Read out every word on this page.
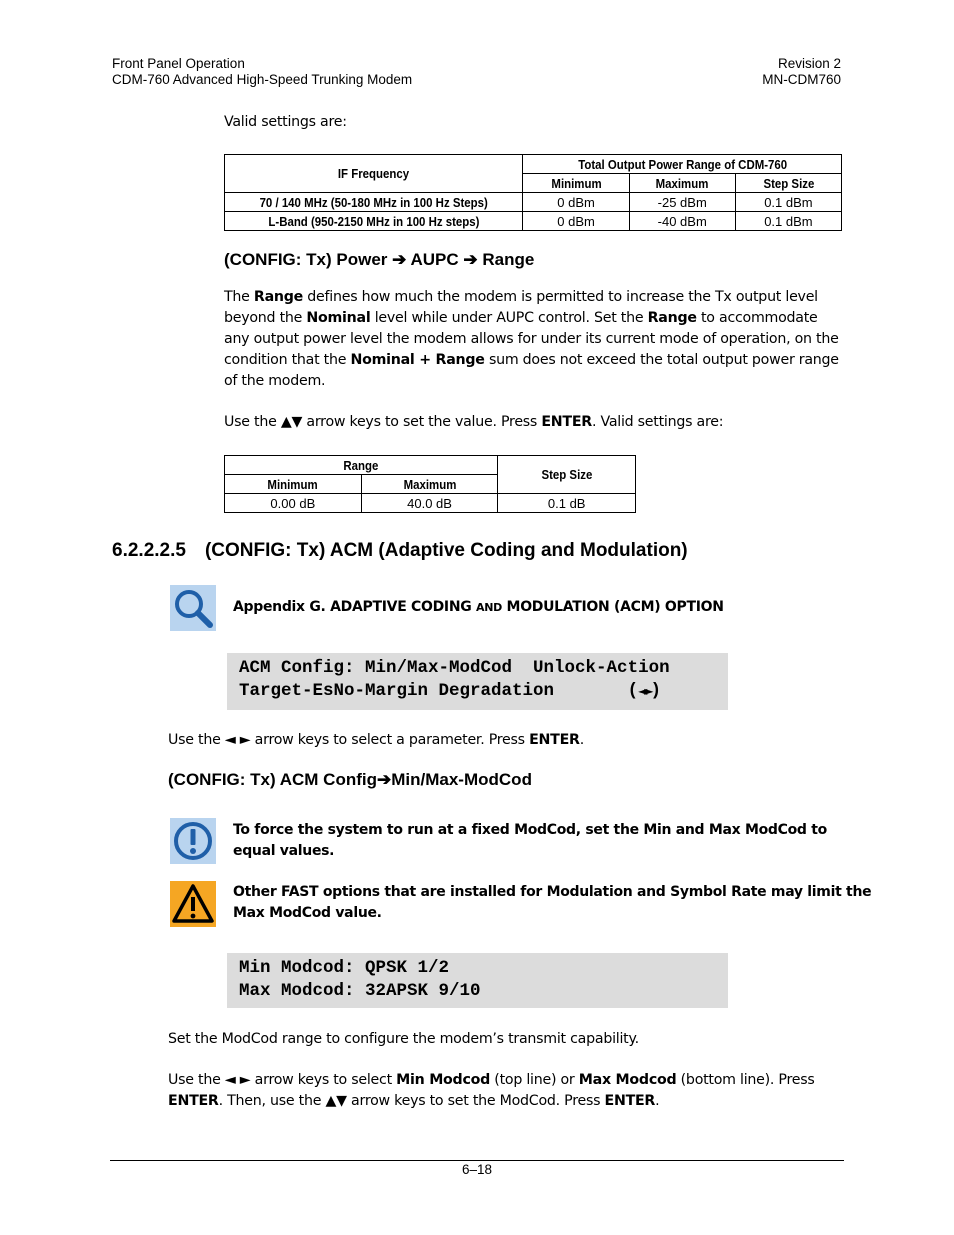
Front Panel Operation
CDM-760 Advanced High-Speed Trunking Modem
Revision 2
MN-CDM760
Valid settings are:
IF Frequency	Total Output Power Range of CDM-760		
	Minimum	Maximum	Step Size
70 / 140 MHz (50-180 MHz in 100 Hz Steps)	0 dBm	-25 dBm	0.1 dBm
L-Band (950-2150 MHz in 100 Hz steps)	0 dBm	-40 dBm	0.1 dBm
(CONFIG: Tx) Power ➔ AUPC ➔ Range
The Range defines how much the modem is permitted to increase the Tx output level beyond the Nominal level while under AUPC control. Set the Range to accommodate any output power level the modem allows for under its current mode of operation, on the condition that the Nominal + Range sum does not exceed the total output power range of the modem.
Use the ▲▼ arrow keys to set the value. Press ENTER. Valid settings are:
Range		Step Size
Minimum	Maximum	
0.00 dB	40.0 dB	0.1 dB
6.2.2.2.5 (CONFIG: Tx) ACM (Adaptive Coding and Modulation)
Appendix G. ADAPTIVE CODING AND MODULATION (ACM) OPTION
ACM Config: Min/Max-ModCod  Unlock-Action
Target-EsNo-Margin Degradation       (◄►)
Use the ◄ ► arrow keys to select a parameter. Press ENTER.
(CONFIG: Tx) ACM Config➔Min/Max-ModCod
To force the system to run at a fixed ModCod, set the Min and Max ModCod to
equal values.
Other FAST options that are installed for Modulation and Symbol Rate may limit the
Max ModCod value.
Min Modcod: QPSK 1/2
Max Modcod: 32APSK 9/10
Set the ModCod range to configure the modem’s transmit capability.
Use the ◄ ► arrow keys to select Min Modcod (top line) or Max Modcod (bottom line). Press
ENTER. Then, use the ▲▼ arrow keys to set the ModCod. Press ENTER.
6–18
